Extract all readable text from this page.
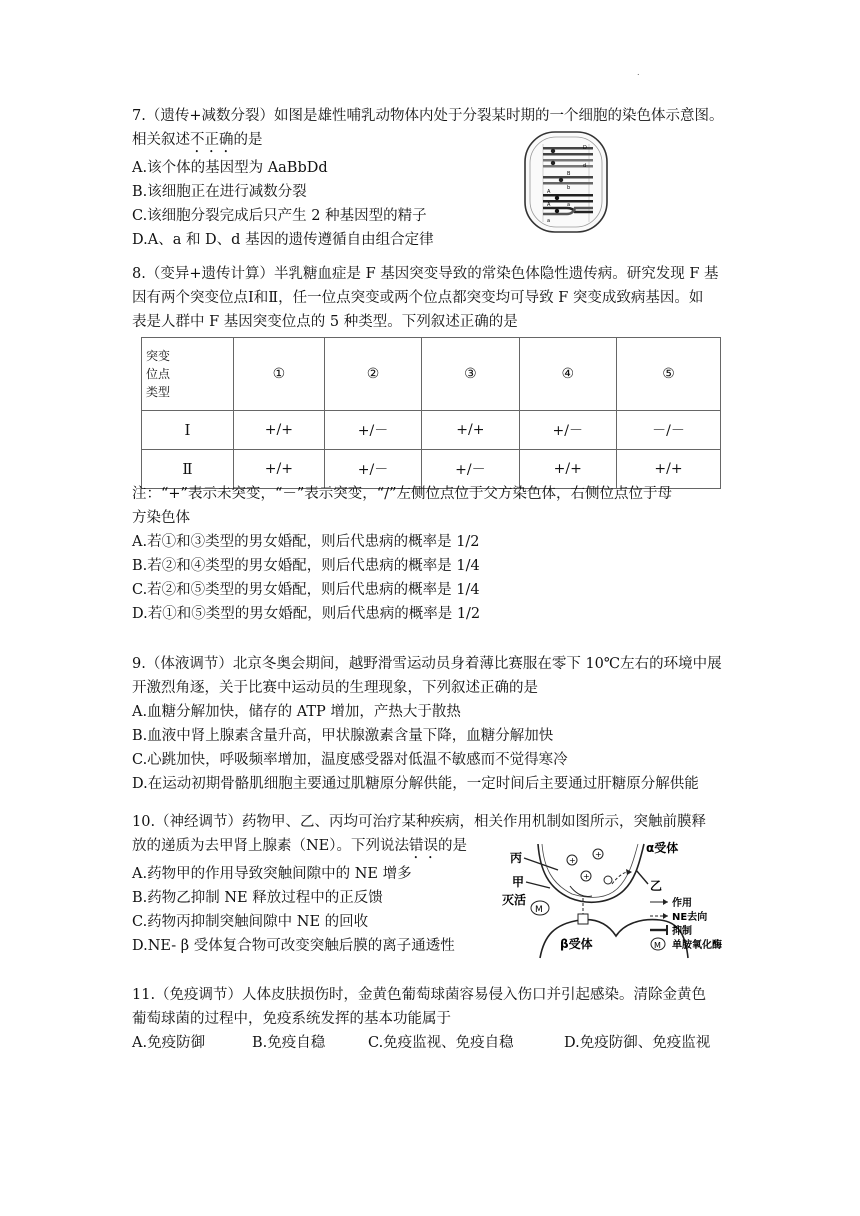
.

7.（遗传+减数分裂）如图是雄性哺乳动物体内处于分裂某时期的一个细胞的染色体示意图。

相关叙述不正确的是

A.该个体的基因型为 AaBbDd

B.该细胞正在进行减数分裂

C.该细胞分裂完成后只产生 2 种基因型的精子

D.A、a 和 D、d 基因的遗传遵循自由组合定律

D
d
B
b
A
A	a
a

8.（变异+遗传计算）半乳糖血症是 F 基因突变导致的常染色体隐性遗传病。研究发现 F 基

因有两个突变位点Ⅰ和Ⅱ，任一位点突变或两个位点都突变均可导致 F 突变成致病基因。如

表是人群中 F 基因突变位点的 5 种类型。下列叙述正确的是

突变
位点
类型	①	②	③	④	⑤
Ⅰ	+/+	+/－	+/+	+/－	－/－
Ⅱ	+/+	+/－	+/－	+/+	+/+

注：“+”表示未突变，“－”表示突变，“/”左侧位点位于父方染色体，右侧位点位于母

方染色体

A.若①和③类型的男女婚配，则后代患病的概率是 1/2

B.若②和④类型的男女婚配，则后代患病的概率是 1/4

C.若②和⑤类型的男女婚配，则后代患病的概率是 1/4

D.若①和⑤类型的男女婚配，则后代患病的概率是 1/2

9.（体液调节）北京冬奥会期间，越野滑雪运动员身着薄比赛服在零下 10℃左右的环境中展

开激烈角逐，关于比赛中运动员的生理现象，下列叙述正确的是

A.血糖分解加快，储存的 ATP 增加，产热大于散热

B.血液中肾上腺素含量升高，甲状腺激素含量下降，血糖分解加快

C.心跳加快，呼吸频率增加，温度感受器对低温不敏感而不觉得寒冷

D.在运动初期骨骼肌细胞主要通过肌糖原分解供能，一定时间后主要通过肝糖原分解供能

10.（神经调节）药物甲、乙、丙均可治疗某种疾病，相关作用机制如图所示，突触前膜释

放的递质为去甲肾上腺素（NE）。下列说法错误的是

A.药物甲的作用导致突触间隙中的 NE 增多

B.药物乙抑制 NE 释放过程中的正反馈

C.药物丙抑制突触间隙中 NE 的回收

D.NE- β 受体复合物可改变突触后膜的离子通透性

+
+
+
M
丙
甲
灭活
α受体
乙
β受体
作用
NE去向
抑制
M 单胺氧化酶

11.（免疫调节）人体皮肤损伤时，金黄色葡萄球菌容易侵入伤口并引起感染。清除金黄色

葡萄球菌的过程中，免疫系统发挥的基本功能属于

A.免疫防御	B.免疫自稳	C.免疫监视、免疫自稳	D.免疫防御、免疫监视
